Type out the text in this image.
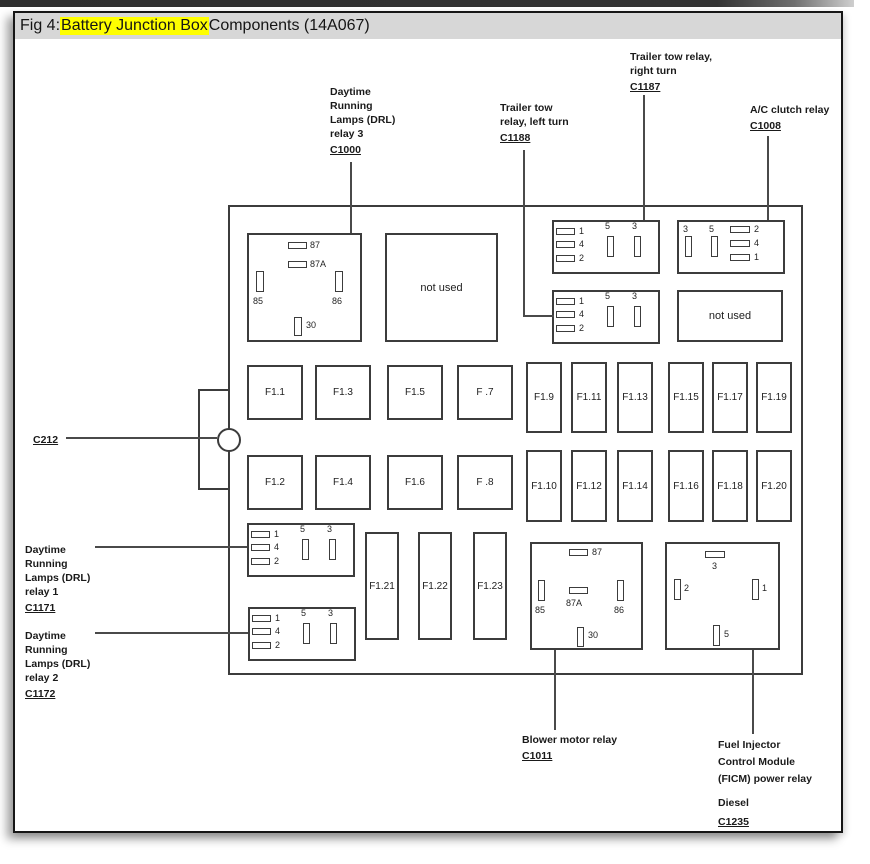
Fig 4: Battery Junction Box Components (14A067)
87
87A
85	86
30
1
4
2
5 3	3 5	2
4
1
1
4
2
5 3
1
4
2
5 3
1
4
2
5 3
87
87A
85	86
30
3
2	1
5
not used
not used
F1.1	F1.3	F1.5	F .7
F1.2	F1.4	F1.6	F .8
F1.9	F1.11	F1.13	F1.15	F1.17	F1.19
F1.10	F1.12	F1.14	F1.16	F1.18	F1.20
F1.21	F1.22	F1.23
Daytime
Running
Lamps (DRL)
relay 3
C1000
Trailer tow
relay, left turn
C1188
Trailer tow relay,
right turn
C1187
A/C clutch relay
C1008
C212
Daytime
Running
Lamps (DRL)
relay 1
C1171
Daytime
Running
Lamps (DRL)
relay 2
C1172
Blower motor relay
C1011
Fuel Injector
Control Module
(FICM) power relay
Diesel
C1235
